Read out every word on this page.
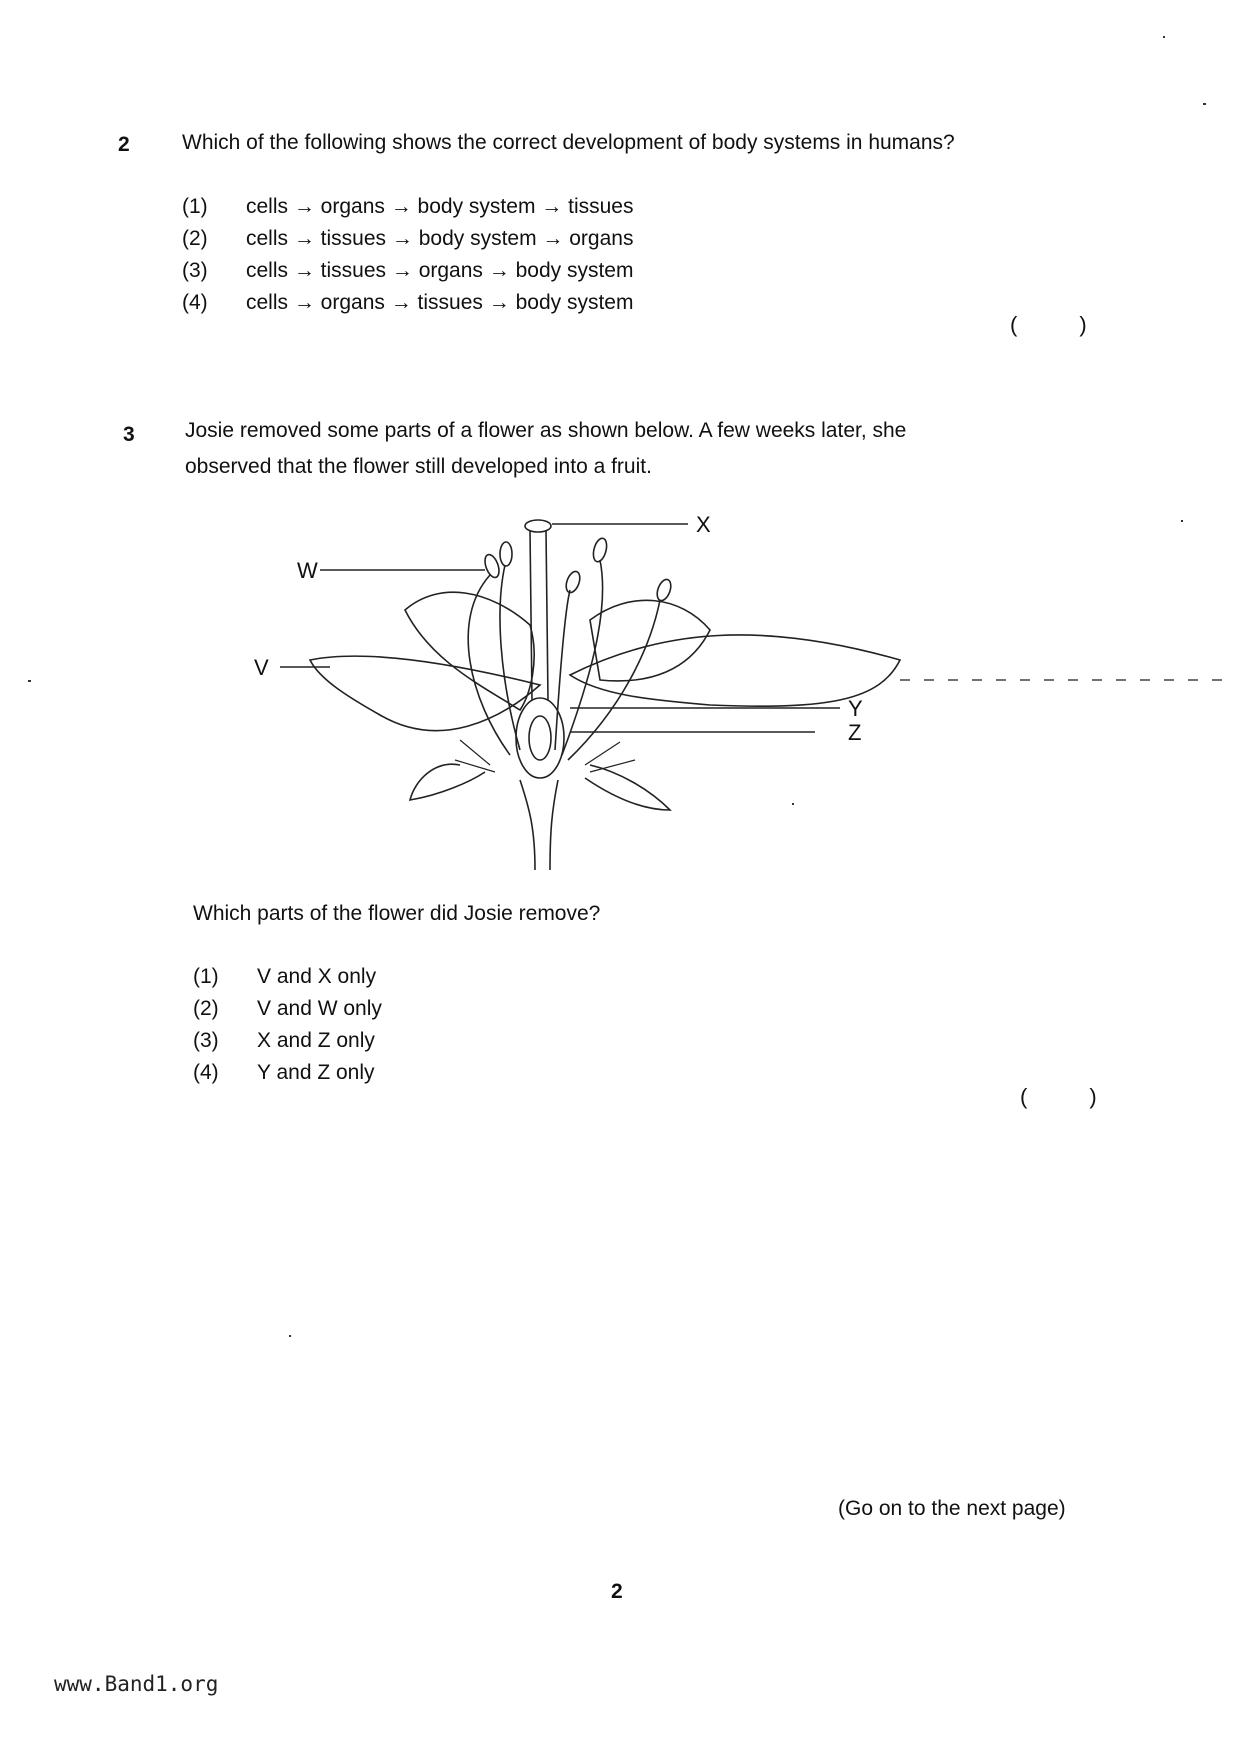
2 Which of the following shows the correct development of body systems in humans?
(1) cells → organs → body system → tissues
(2) cells → tissues → body system → organs
(3) cells → tissues → organs → body system
(4) cells → organs → tissues → body system
(	)
3 Josie removed some parts of a flower as shown below. A few weeks later, she
observed that the flower still developed into a fruit.
X
W
V
Y
Z
Which parts of the flower did Josie remove?
(1) V and X only
(2) V and W only
(3) X and Z only
(4) Y and Z only
(	)
(Go on to the next page)
2
www.Band1.org
